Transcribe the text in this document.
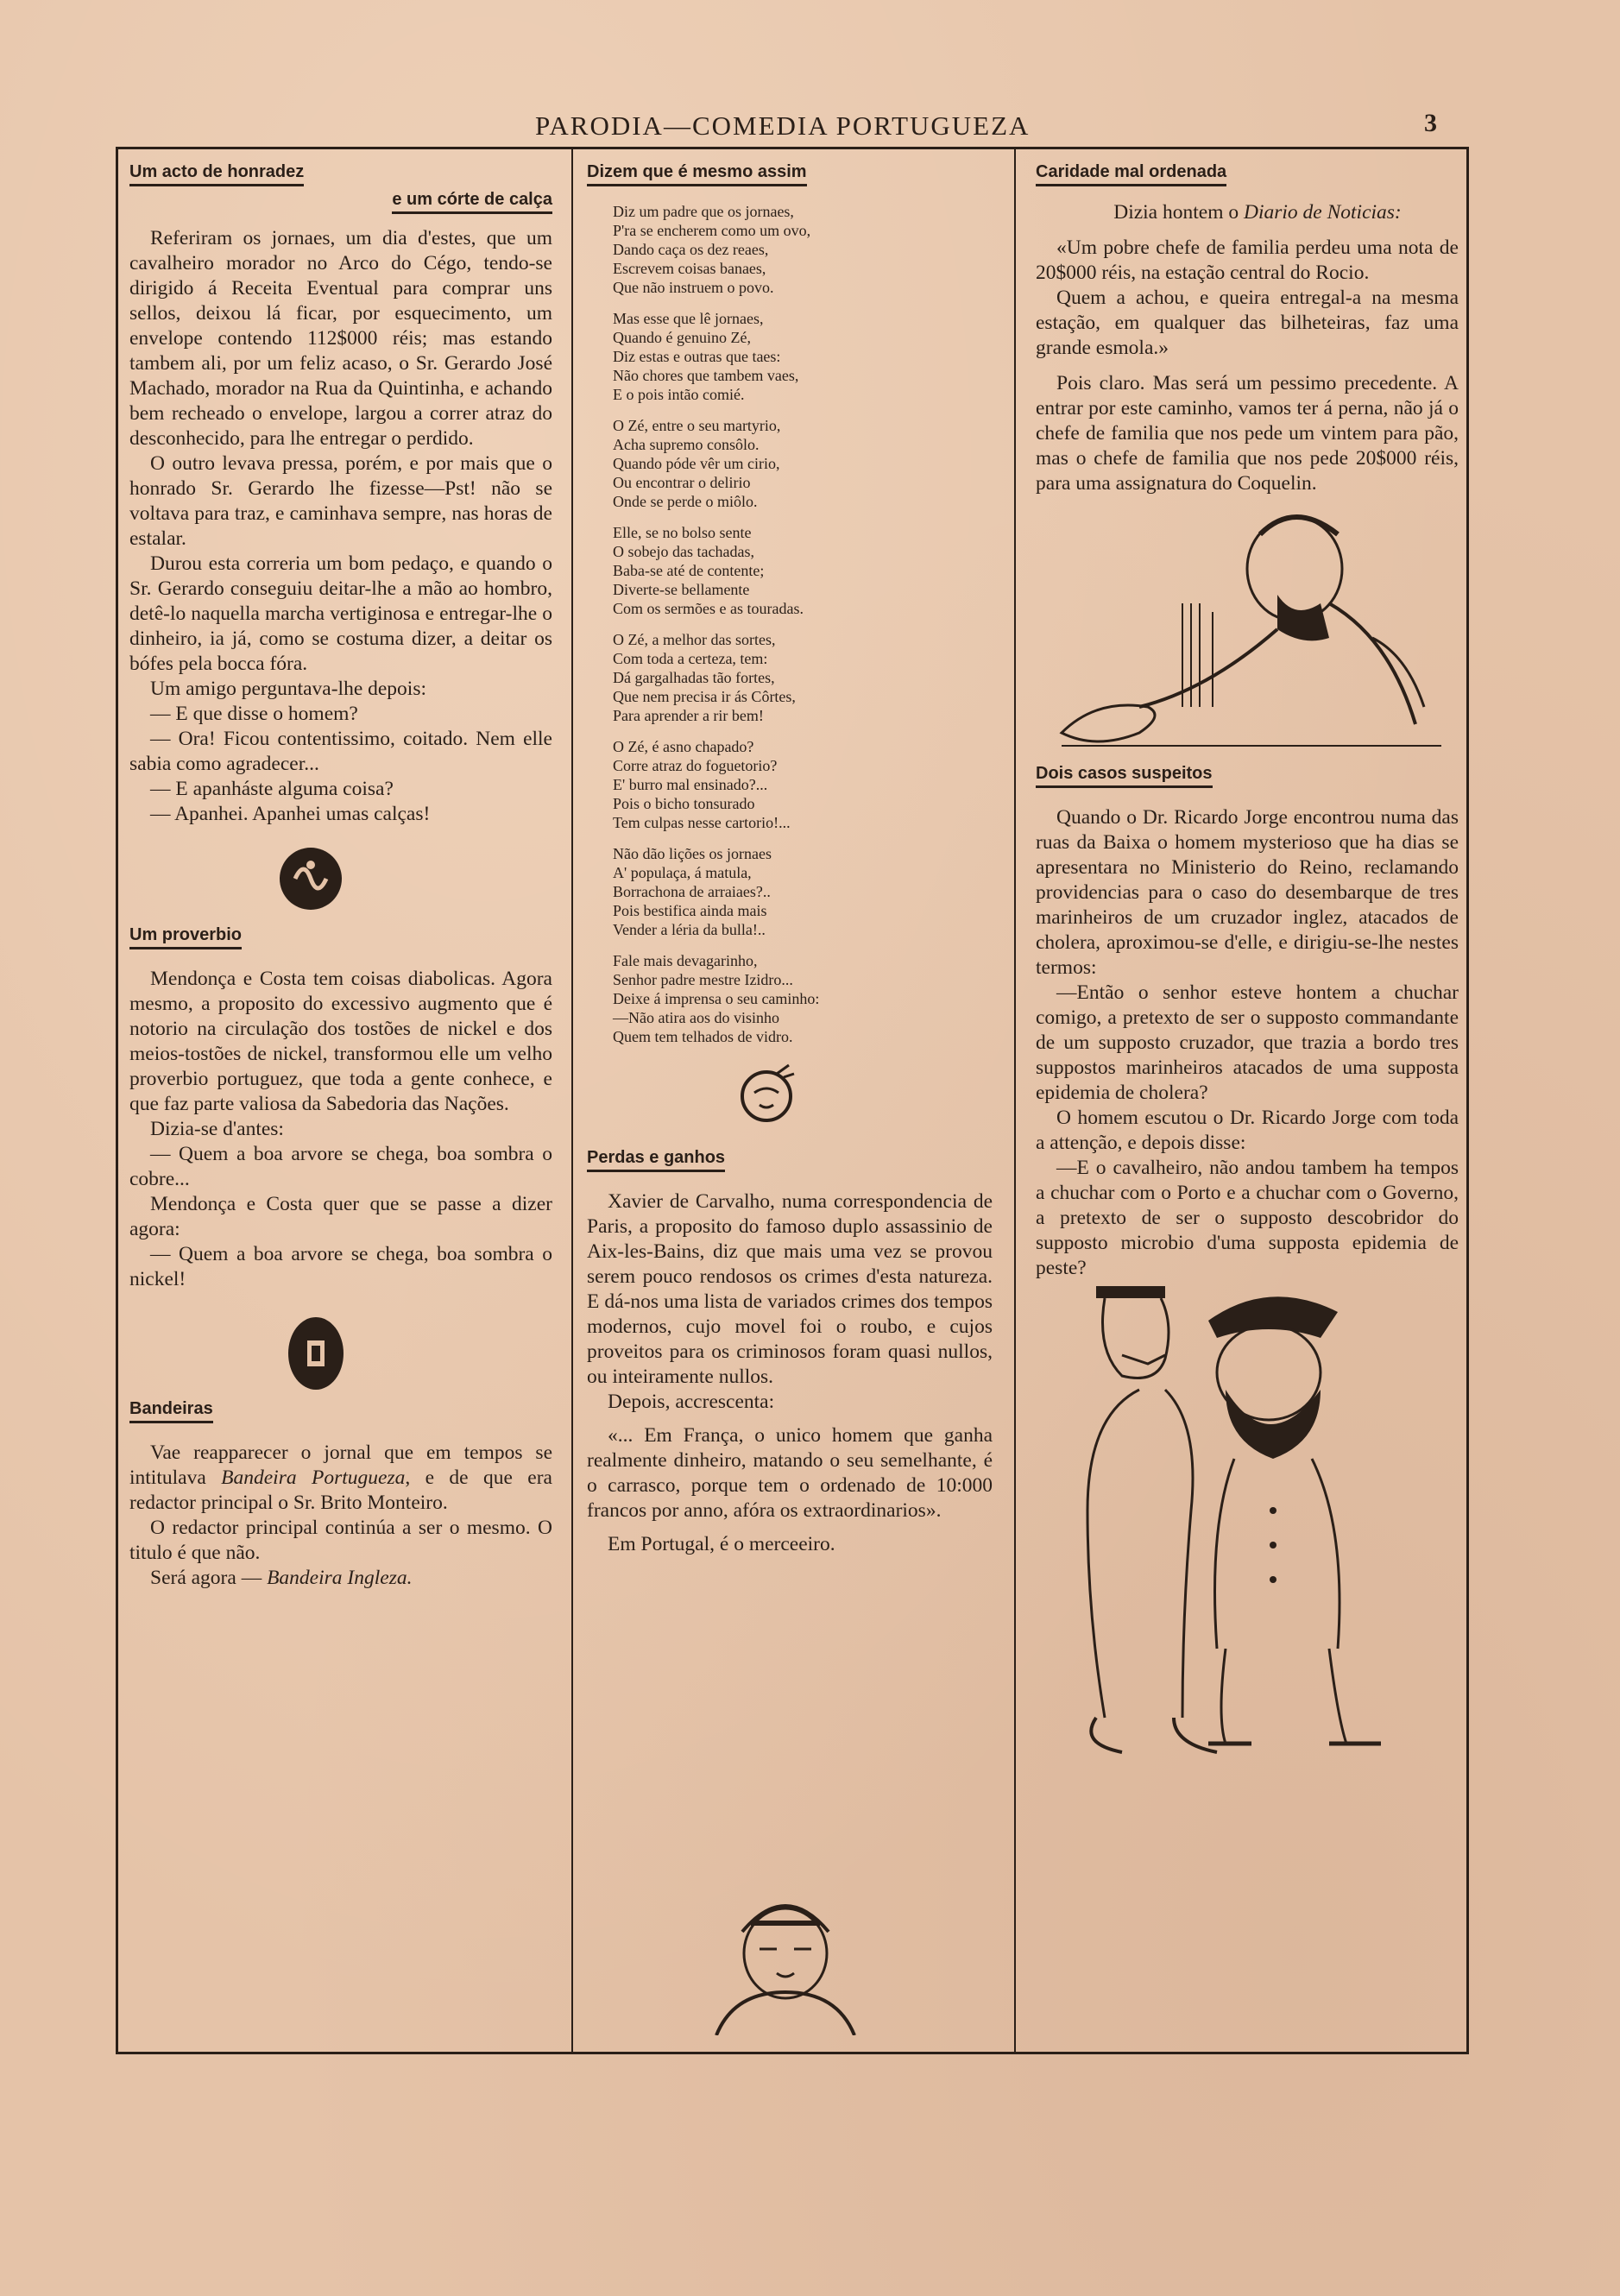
PARODIA—COMEDIA PORTUGUEZA	3
Um acto de honradez
e um córte de calça

Referiram os jornaes, um dia d'estes, que um cavalheiro morador no Arco do Cégo, tendo-se dirigido á Receita Eventual para comprar uns sellos, deixou lá ficar, por esquecimento, um envelope contendo 112$000 réis; mas estando tambem ali, por um feliz acaso, o Sr. Gerardo José Machado, morador na Rua da Quintinha, e achando bem recheado o envelope, largou a correr atraz do desconhecido, para lhe entregar o perdido.

O outro levava pressa, porém, e por mais que o honrado Sr. Gerardo lhe fizesse—Pst! não se voltava para traz, e caminhava sempre, nas horas de estalar.

Durou esta correria um bom pedaço, e quando o Sr. Gerardo conseguiu deitar-lhe a mão ao hombro, detê-lo naquella marcha vertiginosa e entregar-lhe o dinheiro, ia já, como se costuma dizer, a deitar os bófes pela bocca fóra.

Um amigo perguntava-lhe depois:

— E que disse o homem?

— Ora! Ficou contentissimo, coitado. Nem elle sabia como agradecer...

— E apanháste alguma coisa?

— Apanhei. Apanhei umas calças!

Um proverbio

Mendonça e Costa tem coisas diabolicas. Agora mesmo, a proposito do excessivo augmento que é notorio na circulação dos tostões de nickel e dos meios-tostões de nickel, transformou elle um velho proverbio portuguez, que toda a gente conhece, e que faz parte valiosa da Sabedoria das Nações.

Dizia-se d'antes:

— Quem a boa arvore se chega, boa sombra o cobre...

Mendonça e Costa quer que se passe a dizer agora:

— Quem a boa arvore se chega, boa sombra o nickel!

Bandeiras

Vae reapparecer o jornal que em tempos se intitulava Bandeira Portugueza, e de que era redactor principal o Sr. Brito Monteiro.

O redactor principal continúa a ser o mesmo. O titulo é que não.

Será agora — Bandeira Ingleza.

Dizem que é mesmo assim

Diz um padre que os jornaes,

P'ra se encherem como um ovo,

Dando caça os dez reaes,

Escrevem coisas banaes,

Que não instruem o povo.

Mas esse que lê jornaes,

Quando é genuino Zé,

Diz estas e outras que taes:

Não chores que tambem vaes,

E o pois intão comié.

O Zé, entre o seu martyrio,

Acha supremo consôlo.

Quando póde vêr um cirio,

Ou encontrar o delirio

Onde se perde o miôlo.

Elle, se no bolso sente

O sobejo das tachadas,

Baba-se até de contente;

Diverte-se bellamente

Com os sermões e as touradas.

O Zé, a melhor das sortes,

Com toda a certeza, tem:

Dá gargalhadas tão fortes,

Que nem precisa ir ás Côrtes,

Para aprender a rir bem!

O Zé, é asno chapado?

Corre atraz do foguetorio?

E' burro mal ensinado?...

Pois o bicho tonsurado

Tem culpas nesse cartorio!...

Não dão lições os jornaes

A' populaça, á matula,

Borrachona de arraiaes?..

Pois bestifica ainda mais

Vender a léria da bulla!..

Fale mais devagarinho,

Senhor padre mestre Izidro...

Deixe á imprensa o seu caminho:

—Não atira aos do visinho

Quem tem telhados de vidro.

Perdas e ganhos

Xavier de Carvalho, numa correspondencia de Paris, a proposito do famoso duplo assassinio de Aix-les-Bains, diz que mais uma vez se provou serem pouco rendosos os crimes d'esta natureza. E dá-nos uma lista de variados crimes dos tempos modernos, cujo movel foi o roubo, e cujos proveitos para os criminosos foram quasi nullos, ou inteiramente nullos.

Depois, accrescenta:

«... Em França, o unico homem que ganha realmente dinheiro, matando o seu semelhante, é o carrasco, porque tem o ordenado de 10:000 francos por anno, afóra os extraordinarios».

Em Portugal, é o merceeiro.

Caridade mal ordenada

Dizia hontem o Diario de Noticias:

«Um pobre chefe de familia perdeu uma nota de 20$000 réis, na estação central do Rocio.

Quem a achou, e queira entregal-a na mesma estação, em qualquer das bilheteiras, faz uma grande esmola.»

Pois claro. Mas será um pessimo precedente. A entrar por este caminho, vamos ter á perna, não já o chefe de familia que nos pede um vintem para pão, mas o chefe de familia que nos pede 20$000 réis, para uma assignatura do Coquelin.

Dois casos suspeitos

Quando o Dr. Ricardo Jorge encontrou numa das ruas da Baixa o homem mysterioso que ha dias se apresentara no Ministerio do Reino, reclamando providencias para o caso do desembarque de tres marinheiros de um cruzador inglez, atacados de cholera, aproximou-se d'elle, e dirigiu-se-lhe nestes termos:

—Então o senhor esteve hontem a chuchar comigo, a pretexto de ser o supposto commandante de um supposto cruzador, que trazia a bordo tres suppostos marinheiros atacados de uma supposta epidemia de cholera?

O homem escutou o Dr. Ricardo Jorge com toda a attenção, e depois disse:

—E o cavalheiro, não andou tambem ha tempos a chuchar com o Porto e a chuchar com o Governo, a pretexto de ser o supposto descobridor do supposto microbio d'uma supposta epidemia de peste?
